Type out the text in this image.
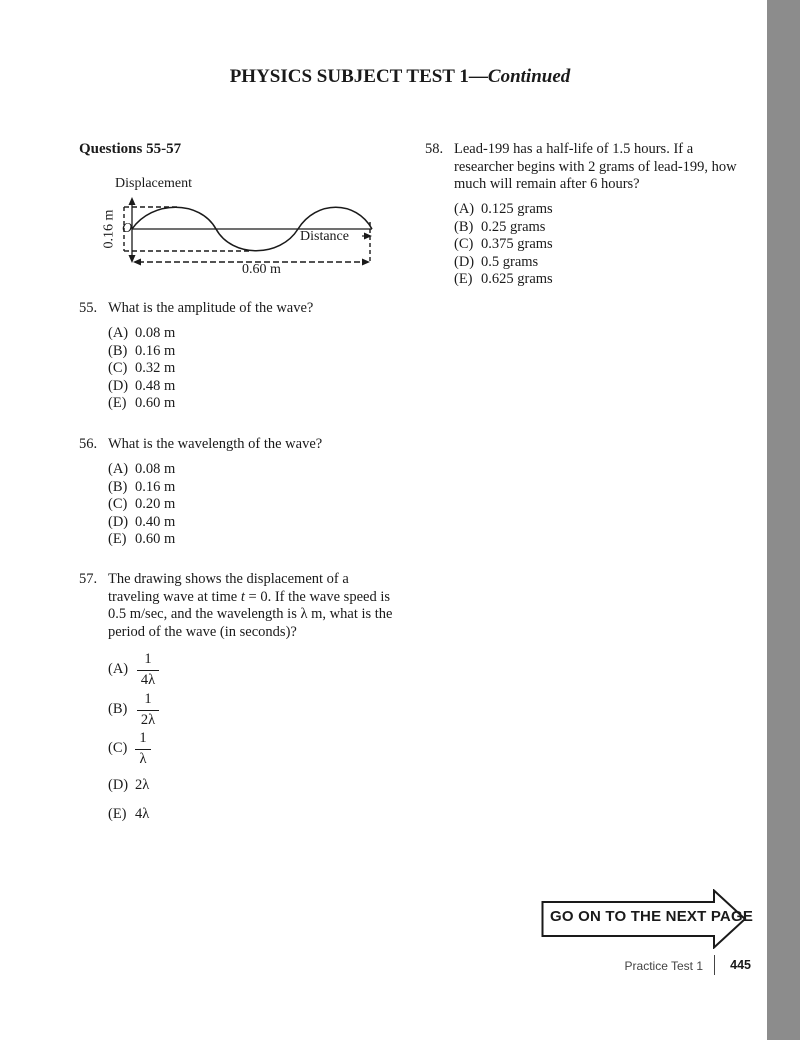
PHYSICS SUBJECT TEST 1—Continued
Questions 55-57
Displacement
O
Distance
0.16 m
0.60 m
55. What is the amplitude of the wave?
(A) 0.08 m
(B) 0.16 m
(C) 0.32 m
(D) 0.48 m
(E) 0.60 m
56. What is the wavelength of the wave?
(A) 0.08 m
(B) 0.16 m
(C) 0.20 m
(D) 0.40 m
(E) 0.60 m
57. The drawing shows the displacement of a
traveling wave at time t = 0. If the wave speed is
0.5 m/sec, and the wavelength is λ m, what is the
period of the wave (in seconds)?
$(A) \frac{1}{4\lambda}$
$(B) \frac{1}{2\lambda}$
$(C) \frac{1}{\lambda}$
(D) 2λ
(E) 4λ
58. Lead-199 has a half-life of 1.5 hours. If a
researcher begins with 2 grams of lead-199, how
much will remain after 6 hours?
(A) 0.125 grams
(B) 0.25 grams
(C) 0.375 grams
(D) 0.5 grams
(E) 0.625 grams
GO ON TO THE NEXT PAGE
Practice Test 1 445
